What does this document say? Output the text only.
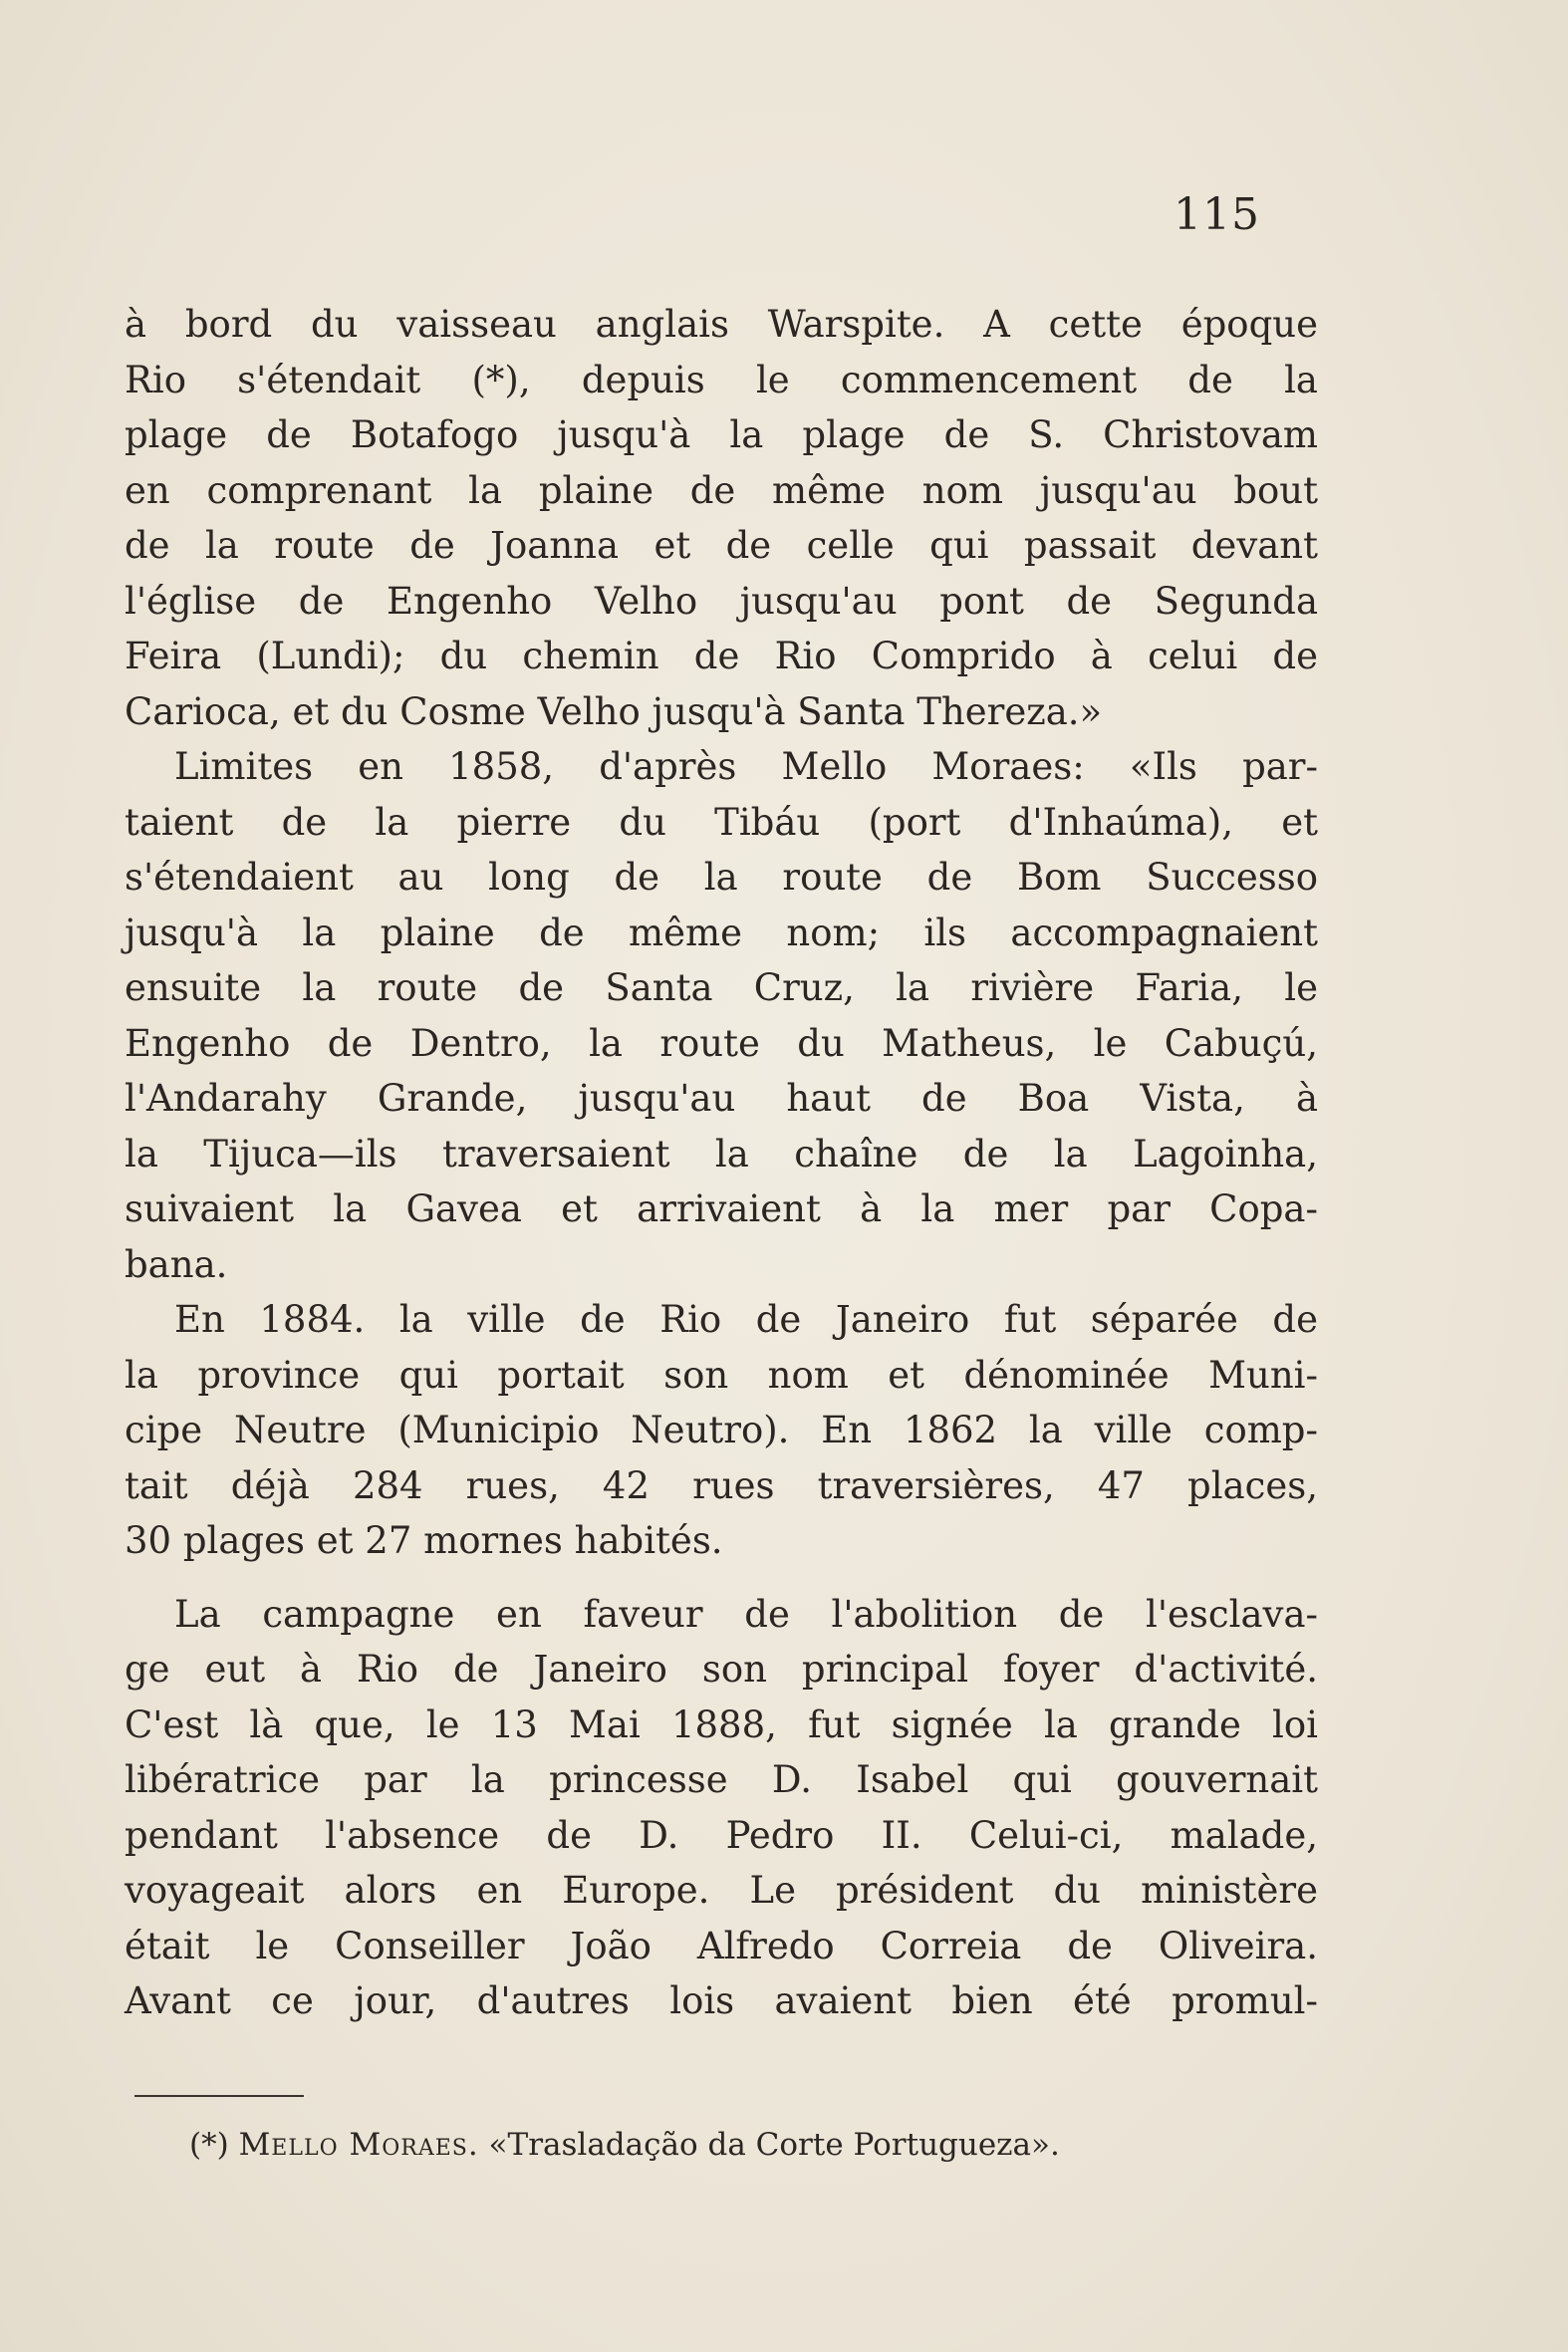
115
à bord du vaisseau anglais Warspite. A cette époque
Rio s'étendait (*), depuis le commencement de la
plage de Botafogo jusqu'à la plage de S. Christovam
en comprenant la plaine de même nom jusqu'au bout
de la route de Joanna et de celle qui passait devant
l'église de Engenho Velho jusqu'au pont de Segunda
Feira (Lundi); du chemin de Rio Comprido à celui de
Carioca, et du Cosme Velho jusqu'à Santa Thereza.»
Limites en 1858, d'après Mello Moraes: «Ils par-
taient de la pierre du Tibáu (port d'Inhaúma), et
s'étendaient au long de la route de Bom Successo
jusqu'à la plaine de même nom; ils accompagnaient
ensuite la route de Santa Cruz, la rivière Faria, le
Engenho de Dentro, la route du Matheus, le Cabuçú,
l'Andarahy Grande, jusqu'au haut de Boa Vista, à
la Tijuca—ils traversaient la chaîne de la Lagoinha,
suivaient la Gavea et arrivaient à la mer par Copa-
bana.
En 1884. la ville de Rio de Janeiro fut séparée de
la province qui portait son nom et dénominée Muni-
cipe Neutre (Municipio Neutro). En 1862 la ville comp-
tait déjà 284 rues, 42 rues traversières, 47 places,
30 plages et 27 mornes habités.
La campagne en faveur de l'abolition de l'esclava-
ge eut à Rio de Janeiro son principal foyer d'activité.
C'est là que, le 13 Mai 1888, fut signée la grande loi
libératrice par la princesse D. Isabel qui gouvernait
pendant l'absence de D. Pedro II. Celui-ci, malade,
voyageait alors en Europe. Le président du ministère
était le Conseiller João Alfredo Correia de Oliveira.
Avant ce jour, d'autres lois avaient bien été promul-
(*) Mello Moraes. «Trasladação da Corte Portugueza».
